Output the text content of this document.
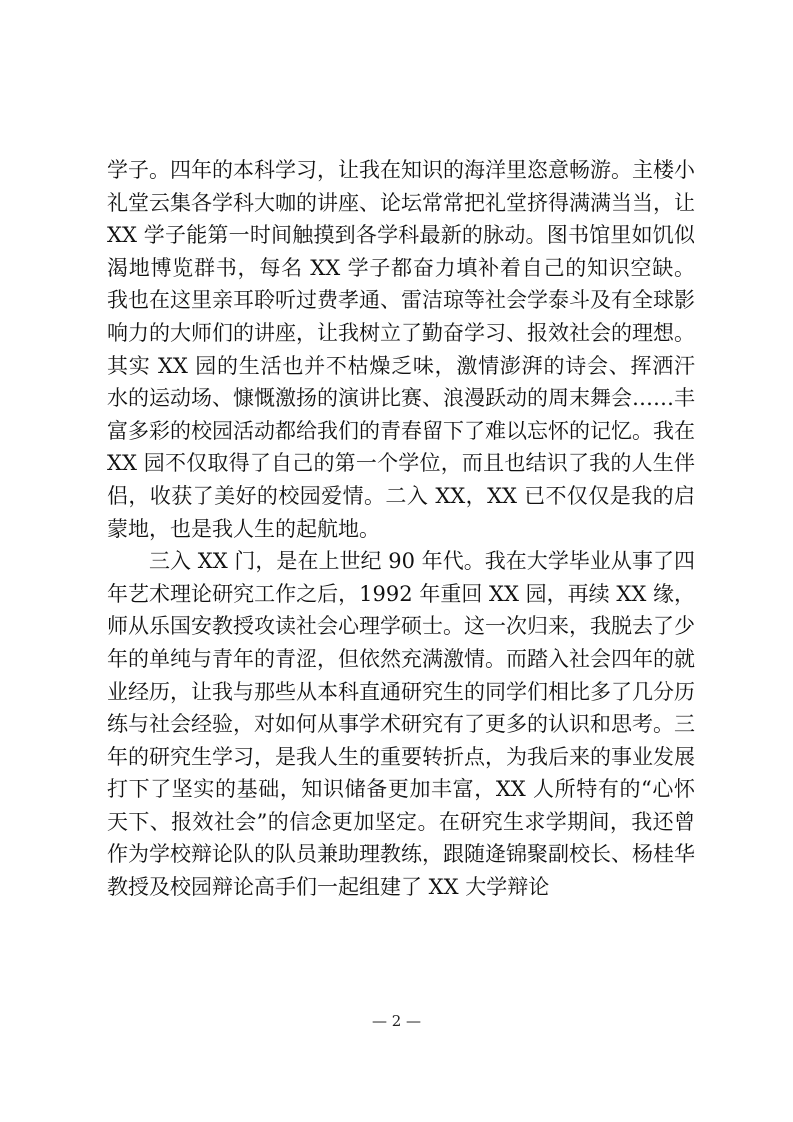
学子。四年的本科学习，让我在知识的海洋里恣意畅游。主楼小礼堂云集各学科大咖的讲座、论坛常常把礼堂挤得满满当当，让 XX 学子能第一时间触摸到各学科最新的脉动。图书馆里如饥似渴地博览群书，每名 XX 学子都奋力填补着自己的知识空缺。我也在这里亲耳聆听过费孝通、雷洁琼等社会学泰斗及有全球影响力的大师们的讲座，让我树立了勤奋学习、报效社会的理想。其实 XX 园的生活也并不枯燥乏味，激情澎湃的诗会、挥洒汗水的运动场、慷慨激扬的演讲比赛、浪漫跃动的周末舞会……丰富多彩的校园活动都给我们的青春留下了难以忘怀的记忆。我在 XX 园不仅取得了自己的第一个学位，而且也结识了我的人生伴侣，收获了美好的校园爱情。二入 XX，XX 已不仅仅是我的启蒙地，也是我人生的起航地。

三入 XX 门，是在上世纪 90 年代。我在大学毕业从事了四年艺术理论研究工作之后，1992 年重回 XX 园，再续 XX 缘，师从乐国安教授攻读社会心理学硕士。这一次归来，我脱去了少年的单纯与青年的青涩，但依然充满激情。而踏入社会四年的就业经历，让我与那些从本科直通研究生的同学们相比多了几分历练与社会经验，对如何从事学术研究有了更多的认识和思考。三年的研究生学习，是我人生的重要转折点，为我后来的事业发展打下了坚实的基础，知识储备更加丰富，XX 人所特有的“心怀天下、报效社会”的信念更加坚定。在研究生求学期间，我还曾作为学校辩论队的队员兼助理教练，跟随逄锦聚副校长、杨桂华教授及校园辩论高手们一起组建了 XX 大学辩论

— 2 —
